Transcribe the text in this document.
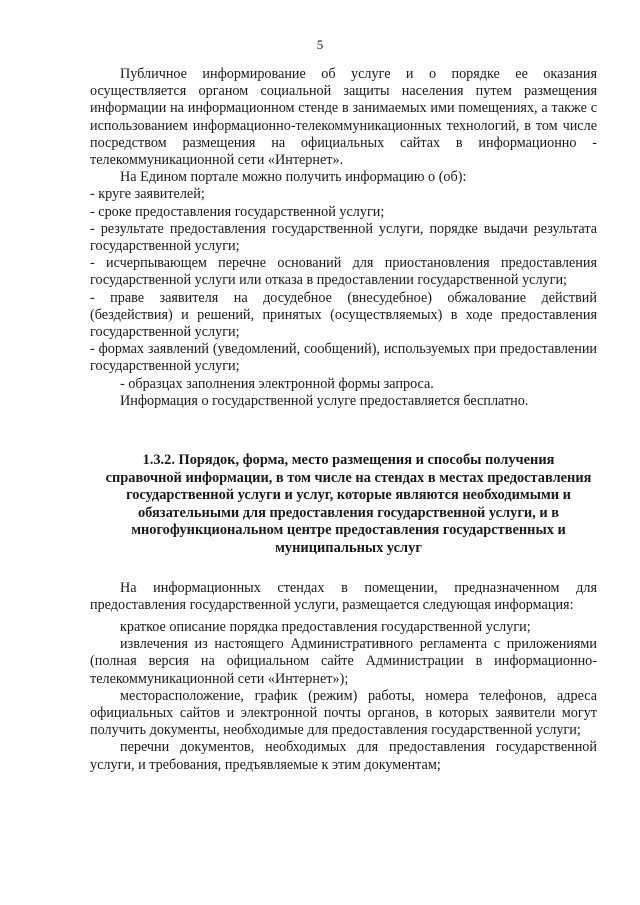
5

Публичное информирование об услуге и о порядке ее оказания осуществляется органом социальной защиты населения путем размещения информации на информационном стенде в занимаемых ими помещениях, а также с использованием информационно-телекоммуникационных технологий, в том числе посредством размещения на официальных сайтах в информационно - телекоммуникационной сети «Интернет».

На Едином портале можно получить информацию о (об):

- круге заявителей;

- сроке предоставления государственной услуги;

- результате предоставления государственной услуги, порядке выдачи результата государственной услуги;

- исчерпывающем перечне оснований для приостановления предоставления государственной услуги или отказа в предоставлении государственной услуги;

- праве заявителя на досудебное (внесудебное) обжалование действий (бездействия) и решений, принятых (осуществляемых) в ходе предоставления государственной услуги;

- формах заявлений (уведомлений, сообщений), используемых при предоставлении государственной услуги;

- образцах заполнения электронной формы запроса.

Информация о государственной услуге предоставляется бесплатно.

1.3.2. Порядок, форма, место размещения и способы получения справочной информации, в том числе на стендах в местах предоставления государственной услуги и услуг, которые являются необходимыми и обязательными для предоставления государственной услуги, и в многофункциональном центре предоставления государственных и муниципальных услуг

На информационных стендах в помещении, предназначенном для предоставления государственной услуги, размещается следующая информация:

краткое описание порядка предоставления государственной услуги;

извлечения из настоящего Административного регламента с приложениями (полная версия на официальном сайте Администрации в информационно-телекоммуникационной сети «Интернет»);

месторасположение, график (режим) работы, номера телефонов, адреса официальных сайтов и электронной почты органов, в которых заявители могут получить документы, необходимые для предоставления государственной услуги;

перечни документов, необходимых для предоставления государственной услуги, и требования, предъявляемые к этим документам;
